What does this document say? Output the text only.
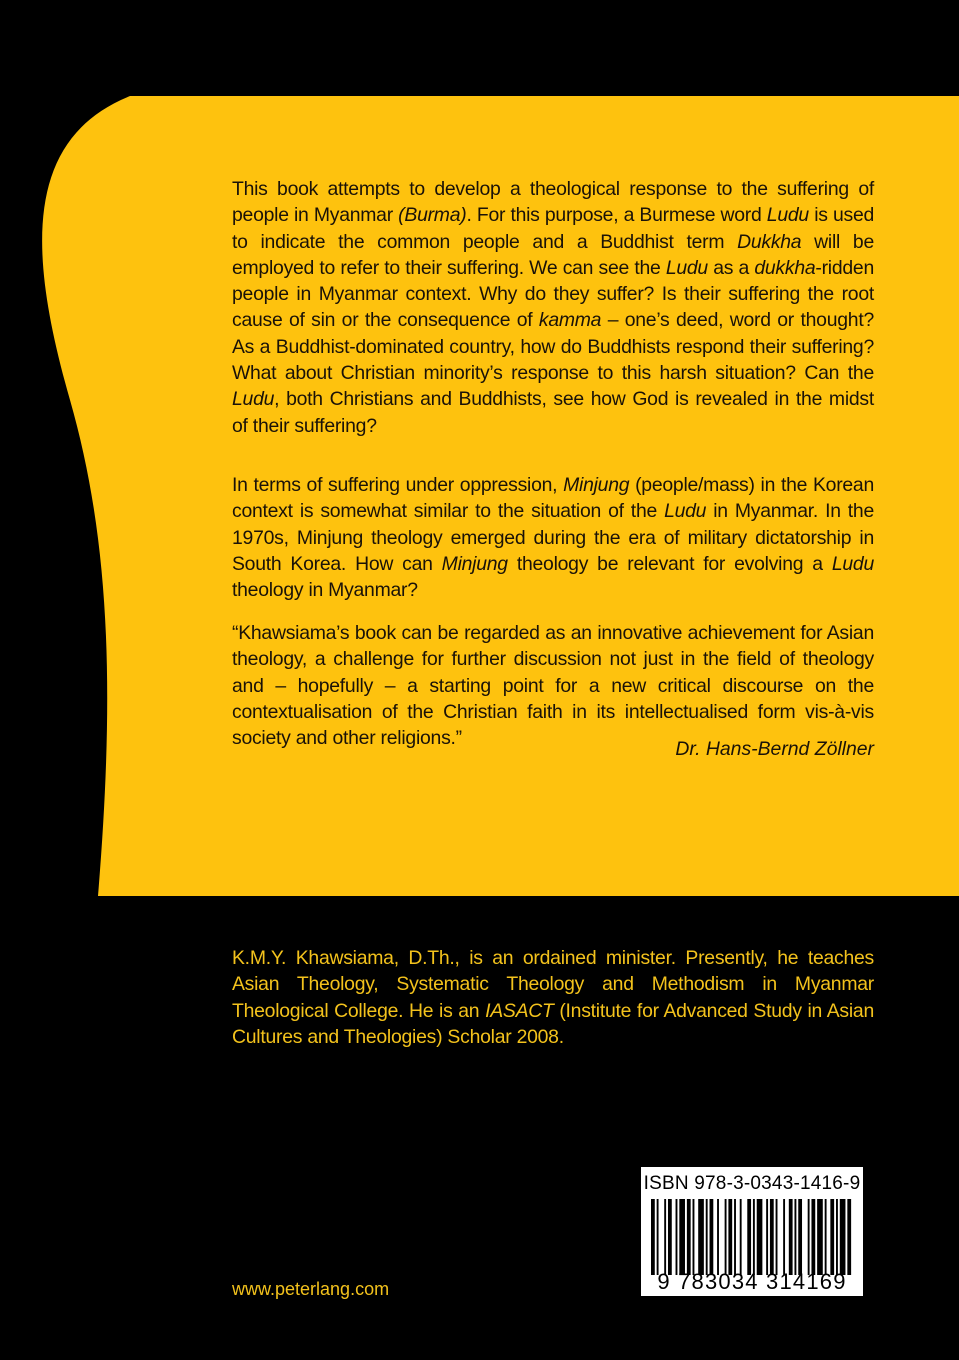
This book attempts to develop a theological response to the suffering of people in Myanmar (Burma). For this purpose, a Burmese word Ludu is used to indicate the common people and a Buddhist term Dukkha will be employed to refer to their suffering. We can see the Ludu as a dukkha-ridden people in Myanmar context. Why do they suffer? Is their suffering the root cause of sin or the consequence of kamma – one’s deed, word or thought? As a Buddhist-dominated country, how do Buddhists respond their suffering? What about Christian minority’s response to this harsh situation? Can the Ludu, both Christians and Buddhists, see how God is revealed in the midst of their suffering?

In terms of suffering under oppression, Minjung (people/mass) in the Korean context is somewhat similar to the situation of the Ludu in Myanmar. In the 1970s, Minjung theology emerged during the era of military dictatorship in South Korea. How can Minjung theology be relevant for evolving a Ludu theology in Myanmar?

“Khawsiama’s book can be regarded as an innovative achievement for Asian theology, a challenge for further discussion not just in the field of theology and – hopefully – a starting point for a new critical discourse on the contextualisation of the Christian faith in its intellectualised form vis-à-vis society and other religions.”	Dr. Hans-Bernd Zöllner

K.M.Y. Khawsiama, D.Th., is an ordained minister. Presently, he teaches Asian Theology, Systematic Theology and Methodism in Myanmar Theological College. He is an IASACT (Institute for Advanced Study in Asian Cultures and Theologies) Scholar 2008.

www.peterlang.com
ISBN 978-3-0343-1416-9
9 783034 314169
